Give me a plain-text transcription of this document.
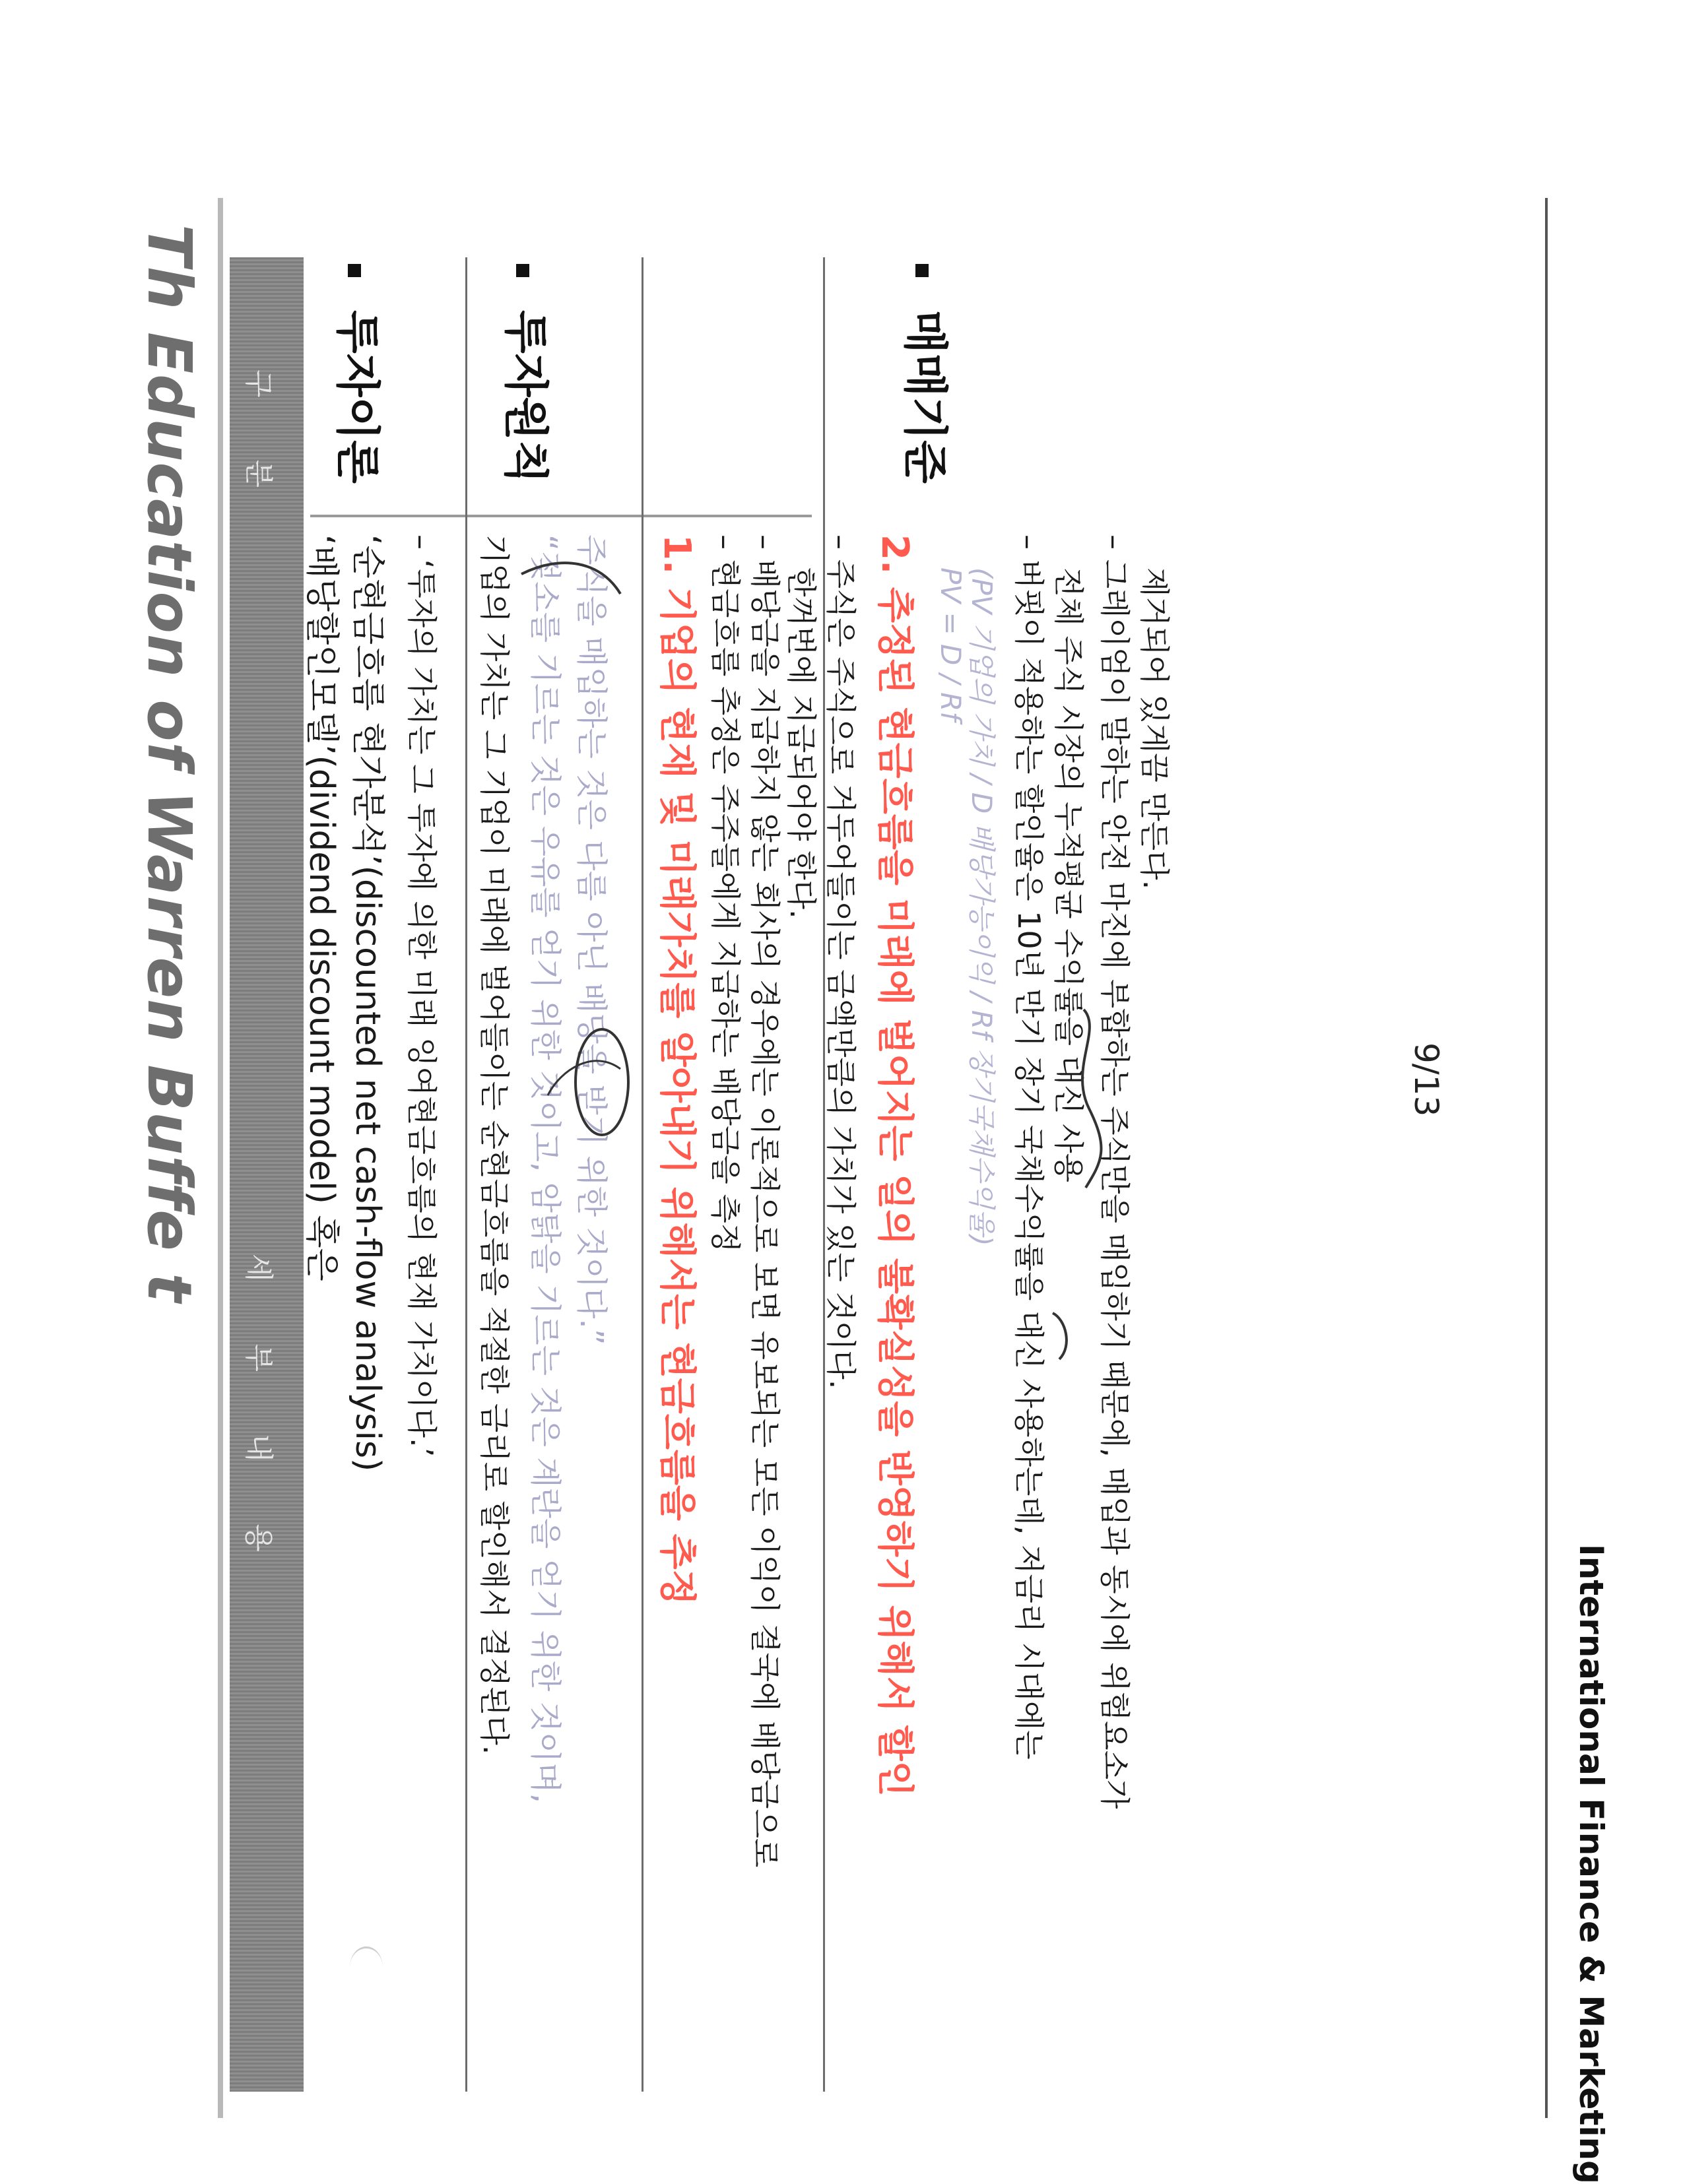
Th Education of Warren Buffe t 구 분
세 부 내 용
투자이론	투자원칙	매매기준
‘배당할인모델’(dividend discount model) 혹은 ‘순현금흐름 현가분석’(discounted net cash-flow analysis) – ‘투자의 가치는 그 투자에 의한 미래 잉여현금흐름의 현재 가치이다.’ 기업의 가치는 그 기업이 미래에 벌어들이는 순현금흐름을 적절한 금리로 할인해서 결정된다. “젖소를 기르는 것은 우유를 얻기 위한 것이고, 암탉을 기르는 것은 계란을 얻기 위한 것이며, 주식을 매입하는 것은 다름 아닌 배당을 받기 위한 것이다.” 1. 기업의 현재 및 미래가치를 알아내기 위해서는 현금흐름을 추정 – 현금흐름 추정은 주주들에게 지급하는 배당금을 측정 – 배당금을 지급하지 않는 회사의 경우에는 이론적으로 보면 유보되는 모든 이익이 결국에 배당금으로 한꺼번에 지급되어야 한다. – 주식은 주식으로 거두어들이는 금액만큼의 가치가 있는 것이다. 2. 추정된 현금흐름을 미래에 벌어지는 일의 불확실성을 반영하기 위해서 할인 PV = D / Rf
(PV 기업의 가치 / D 배당가능이익 / Rf 장기국채수익율) – 버핏이 적용하는 할인율은 10년 만기 장기 국채수익률을 대신 사용하는데, 저금리 시대에는 전체 주식 시장의 누적평균 수익률을 대신 사용 – 그레이엄이 말하는 안전 마진에 부합하는 주식만을 매입하기 때문에, 매입과 동시에 위험요소가 제거되어 있게끔 만든다.
9/13
International Finance & Marketing
